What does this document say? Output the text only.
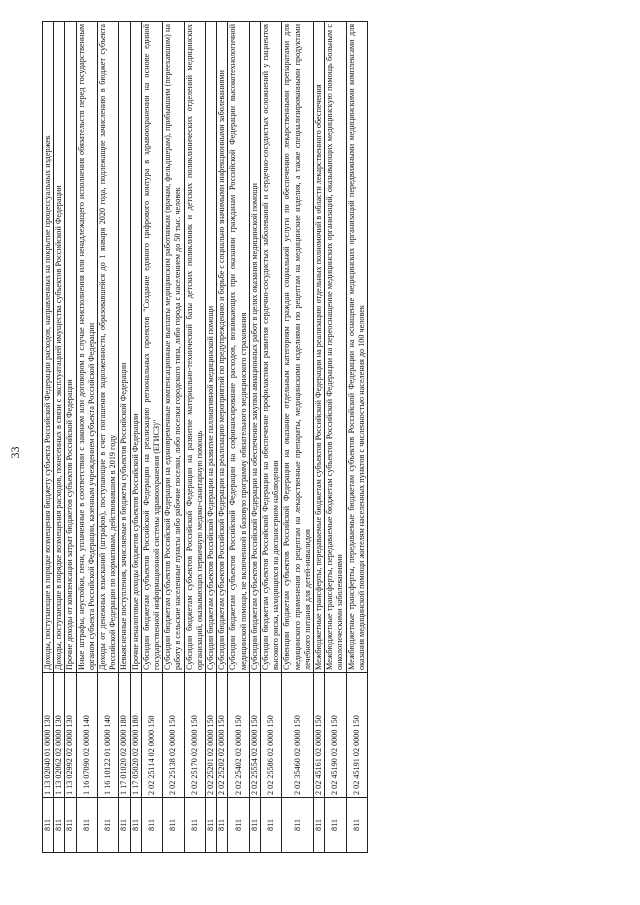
33
811	1 13 02040 01 0000 130	Доходы, поступающие в порядке возмещения бюджету субъекта Российской Федерации расходов, направленных на покрытие процессуальных издержек
811	1 13 02062 02 0000 130	Доходы, поступающие в порядке возмещения расходов, понесенных в связи с эксплуатацией имущества субъектов Российской Федерации
811	1 13 02992 02 0000 130	Прочие доходы от компенсации затрат бюджетов субъектов Российской Федерации
811	1 16 07090 02 0000 140	Иные штрафы, неустойки, пени, уплаченные в соответствии с законом или договором в случае неисполнения или ненадлежащего исполнения обязательств перед государственным органом субъекта Российской Федерации, казенным учреждением субъекта Российской Федерации
811	1 16 10122 01 0000 140	Доходы от денежных взысканий (штрафов), поступающие в счет погашения задолженности, образовавшейся до 1 января 2020 года, подлежащие зачислению в бюджет субъекта Российской Федерации по нормативам, действовавшим в 2019 году
811	1 17 01020 02 0000 180	Невыясненные поступления, зачисляемые в бюджеты субъектов Российской Федерации
811	1 17 05020 02 0000 180	Прочие неналоговые доходы бюджетов субъектов Российской Федерации
811	2 02 25114 02 0000 150	Субсидии бюджетам субъектов Российской Федерации на реализацию региональных проектов "Создание единого цифрового контура в здравоохранении на основе единой государственной информационной системы здравоохранения (ЕГИСЗ)"
811	2 02 25138 02 0000 150	Субсидии бюджетам субъектов Российской Федерации на единовременные компенсационные выплаты медицинским работникам (врачам, фельдшерам), прибывшим (переехавшим) на работу в сельские населенные пункты либо рабочие поселки, либо поселки городского типа, либо города с населением до 50 тыс. человек
811	2 02 25170 02 0000 150	Субсидии бюджетам субъектов Российской Федерации на развитие материально-технической базы детских поликлиник и детских поликлинических отделений медицинских организаций, оказывающих первичную медико-санитарную помощь
811	2 02 25201 02 0000 150	Субсидии бюджетам субъектов Российской Федерации на развитие паллиативной медицинской помощи
811	2 02 25202 02 0000 150	Субсидии бюджетам субъектов Российской Федерации на реализацию мероприятий по предупреждению и борьбе с социально значимыми инфекционными заболеваниями
811	2 02 25402 02 0000 150	Субсидии бюджетам субъектов Российской Федерации на софинансирование расходов, возникающих при оказании гражданам Российской Федерации высокотехнологичной медицинской помощи, не включенной в базовую программу обязательного медицинского страхования
811	2 02 25554 02 0000 150	Субсидии бюджетам субъектов Российской Федерации на обеспечение закупки авиационных работ в целях оказания медицинской помощи
811	2 02 25586 02 0000 150	Субсидии бюджетам субъектов Российской Федерации на обеспечение профилактики развития сердечно-сосудистых заболеваний и сердечно-сосудистых осложнений у пациентов высокого риска, находящихся на диспансерном наблюдении
811	2 02 35460 02 0000 150	Субвенции бюджетам субъектов Российской Федерации на оказание отдельным категориям граждан социальной услуги по обеспечению лекарственными препаратами для медицинского применения по рецептам на лекарственные препараты, медицинскими изделиями по рецептам на медицинские изделия, а также специализированными продуктами лечебного питания для детей-инвалидов
811	2 02 45161 02 0000 150	Межбюджетные трансферты, передаваемые бюджетам субъектов Российской Федерации на реализацию отдельных полномочий в области лекарственного обеспечения
811	2 02 45190 02 0000 150	Межбюджетные трансферты, передаваемые бюджетам субъектов Российской Федерации на переоснащение медицинских организаций, оказывающих медицинскую помощь больным с онкологическими заболеваниями
811	2 02 45191 02 0000 150	Межбюджетные трансферты, передаваемые бюджетам субъектов Российской Федерации на оснащение медицинских организаций передвижными медицинскими комплексами для оказания медицинской помощи жителям населенных пунктов с численностью населения до 100 человек
